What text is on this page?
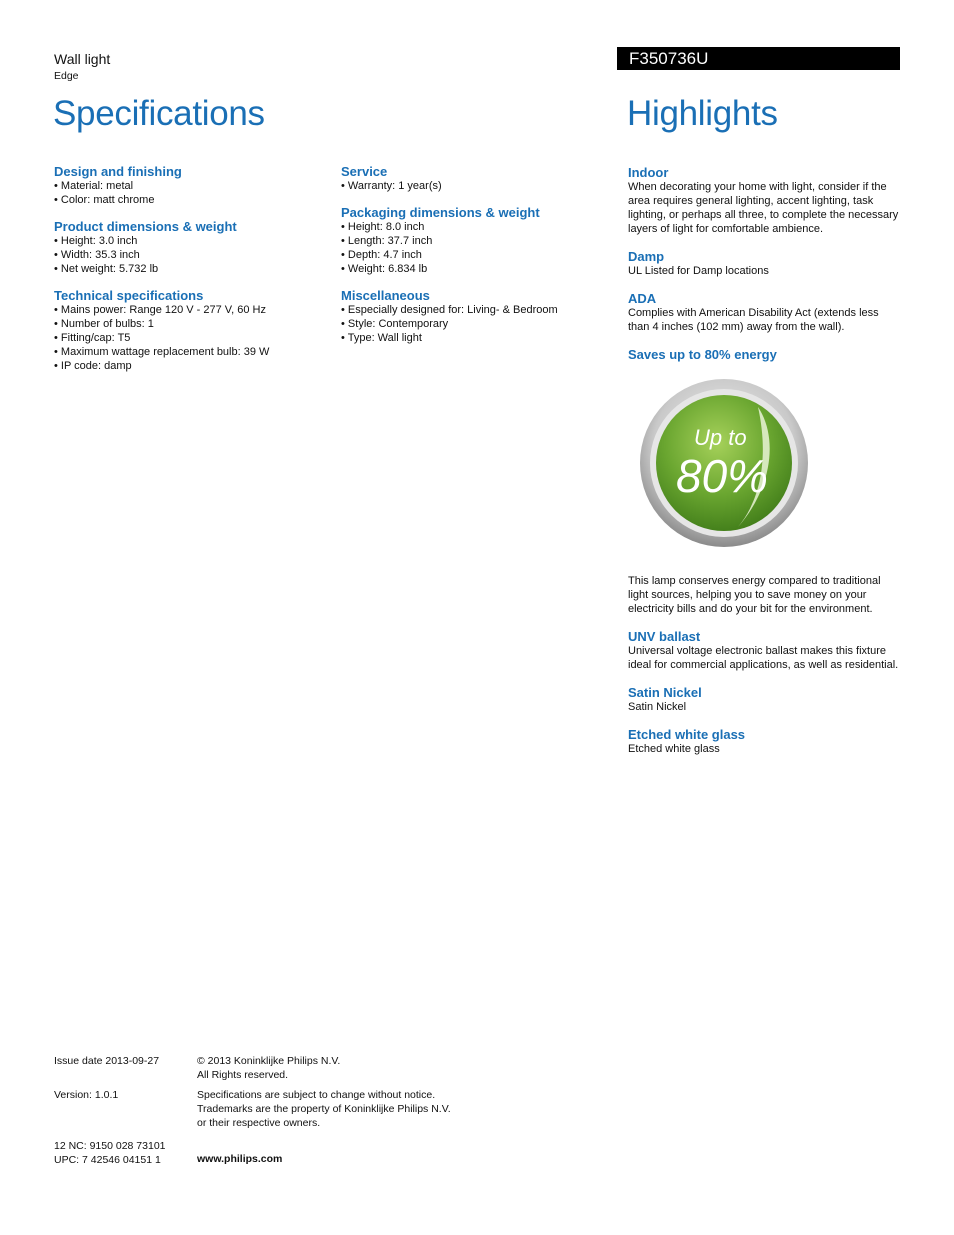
Wall light
Edge
F350736U
Specifications	Highlights
Design and finishing
• Material: metal
• Color: matt chrome
Product dimensions & weight
• Height: 3.0 inch
• Width: 35.3 inch
• Net weight: 5.732 lb
Technical specifications
• Mains power: Range 120 V - 277 V, 60 Hz
• Number of bulbs: 1
• Fitting/cap: T5
• Maximum wattage replacement bulb: 39 W
• IP code: damp
Service
• Warranty: 1 year(s)
Packaging dimensions & weight
• Height: 8.0 inch
• Length: 37.7 inch
• Depth: 4.7 inch
• Weight: 6.834 lb
Miscellaneous
• Especially designed for: Living- & Bedroom
• Style: Contemporary
• Type: Wall light
Indoor
When decorating your home with light, consider if the area requires general lighting, accent lighting, task lighting, or perhaps all three, to complete the necessary layers of light for comfortable ambience.
Damp
UL Listed for Damp locations
ADA
Complies with American Disability Act (extends less than 4 inches (102 mm) away from the wall).
Saves up to 80% energy
Up to
80%
This lamp conserves energy compared to traditional light sources, helping you to save money on your electricity bills and do your bit for the environment.
UNV ballast
Universal voltage electronic ballast makes this fixture ideal for commercial applications, as well as residential.
Satin Nickel
Satin Nickel
Etched white glass
Etched white glass
Issue date 2013-09-27	© 2013 Koninklijke Philips N.V.
All Rights reserved.
Version: 1.0.1	Specifications are subject to change without notice.
Trademarks are the property of Koninklijke Philips N.V.
or their respective owners.
12 NC: 9150 028 73101
UPC: 7 42546 04151 1	www.philips.com
